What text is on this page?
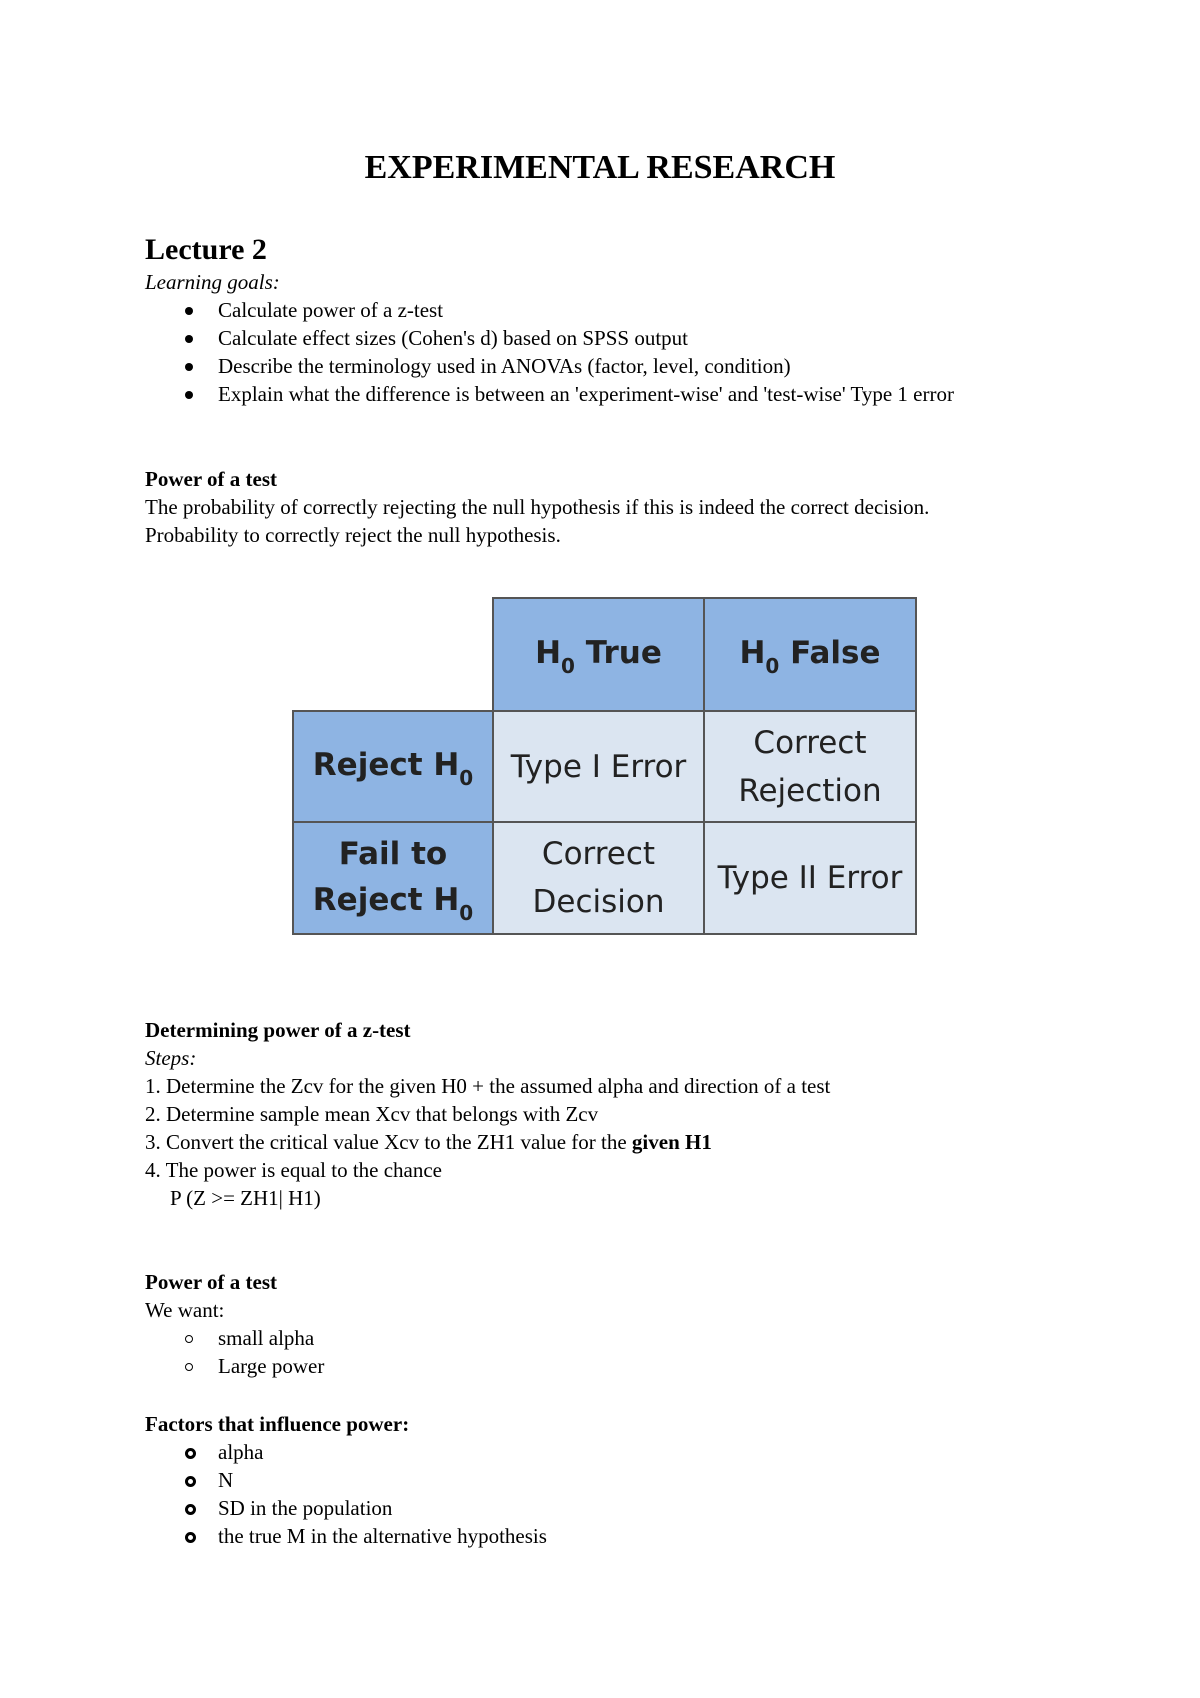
EXPERIMENTAL RESEARCH
Lecture 2
Learning goals:
Calculate power of a z-test
Calculate effect sizes (Cohen's d) based on SPSS output
Describe the terminology used in ANOVAs (factor, level, condition)
Explain what the difference is between an 'experiment-wise' and 'test-wise' Type 1 error
Power of a test
The probability of correctly rejecting the null hypothesis if this is indeed the correct decision.
Probability to correctly reject the null hypothesis.
$H_0$ True	$H_0$ False
Reject $H_0$ Type I Error
Correct
Rejection
Fail to
Reject $H_0$
Correct
Decision
Type II Error
Determining power of a z-test
Steps:
1. Determine the Zcv for the given H0 + the assumed alpha and direction of a test
2. Determine sample mean Xcv that belongs with Zcv
3. Convert the critical value Xcv to the ZH1 value for the given H1
4. The power is equal to the chance
P (Z >= ZH1| H1)
Power of a test
We want:
small alpha
Large power
Factors that influence power:
alpha
N
SD in the population
the true M in the alternative hypothesis
